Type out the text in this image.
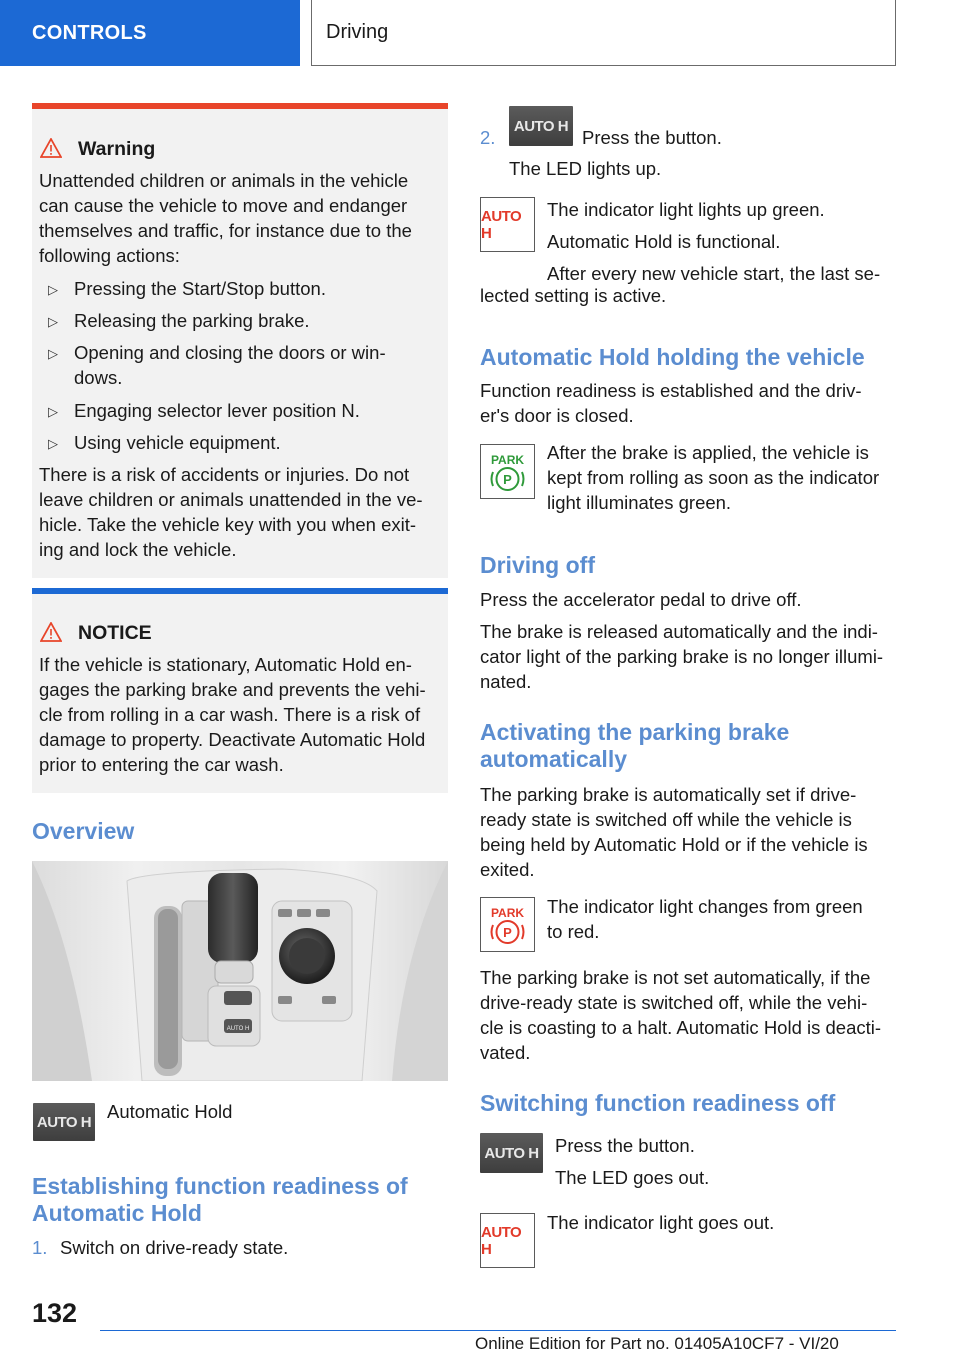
CONTROLS	Driving
Warning
Unattended children or animals in the vehicle
can cause the vehicle to move and endanger
themselves and traffic, for instance due to the
following actions:
▷ Pressing the Start/Stop button.
▷ Releasing the parking brake.
▷ Opening and closing the doors or win-
dows.
▷ Engaging selector lever position N.
▷ Using vehicle equipment.
There is a risk of accidents or injuries. Do not
leave children or animals unattended in the ve-
hicle. Take the vehicle key with you when exit-
ing and lock the vehicle.
NOTICE
If the vehicle is stationary, Automatic Hold en-
gages the parking brake and prevents the vehi-
cle from rolling in a car wash. There is a risk of
damage to property. Deactivate Automatic Hold
prior to entering the car wash.
Overview
AUTO H
AUTO H Automatic Hold
Establishing function readiness of
Automatic Hold
1. Switch on drive-ready state.
2.
AUTO H
Press the button.
The LED lights up.
AUTO H
The indicator light lights up green.
Automatic Hold is functional.
After every new vehicle start, the last se-
lected setting is active.
Automatic Hold holding the vehicle
Function readiness is established and the driv-
er's door is closed.
PARK
P
After the brake is applied, the vehicle is
kept from rolling as soon as the indicator
light illuminates green.
Driving off
Press the accelerator pedal to drive off.
The brake is released automatically and the indi-
cator light of the parking brake is no longer illumi-
nated.
Activating the parking brake
automatically
The parking brake is automatically set if drive-
ready state is switched off while the vehicle is
being held by Automatic Hold or if the vehicle is
exited.
PARK
P
The indicator light changes from green
to red.
The parking brake is not set automatically, if the
drive-ready state is switched off, while the vehi-
cle is coasting to a halt. Automatic Hold is deacti-
vated.
Switching function readiness off
AUTO H Press the button.
The LED goes out.
AUTO H
The indicator light goes out.
132
Online Edition for Part no. 01405A10CF7 - VI/20
